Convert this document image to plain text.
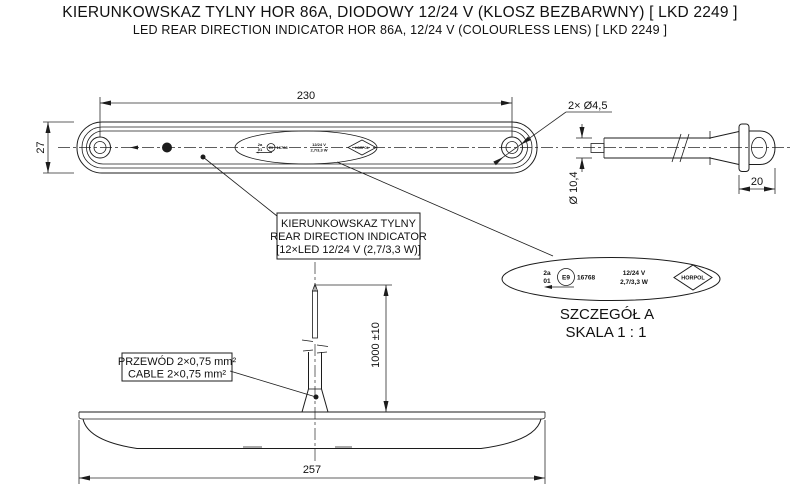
KIERUNKOWSKAZ TYLNY HOR 86A, DIODOWY 12/24 V (KLOSZ BEZBARWNY) [ LKD 2249 ]
LED REAR DIRECTION INDICATOR HOR 86A, 12/24 V (COLOURLESS LENS) [ LKD 2249 ]
2a
01 E9 16768
12/24 V
2,7/3,3 W	HORPOL
230
27
2× Ø4,5
Ø 10,4	20
KIERUNKOWSKAZ TYLNY
REAR DIRECTION INDICATOR
[12×LED 12/24 V (2,7/3,3 W)]
2a
01 E9 16768
12/24 V
2,7/3,3 W
HORPOL
SZCZEGÓŁ A
SKALA 1 : 1
1000 ±10
257
PRZEWÓD 2×0,75 mm²
CABLE 2×0,75 mm²
